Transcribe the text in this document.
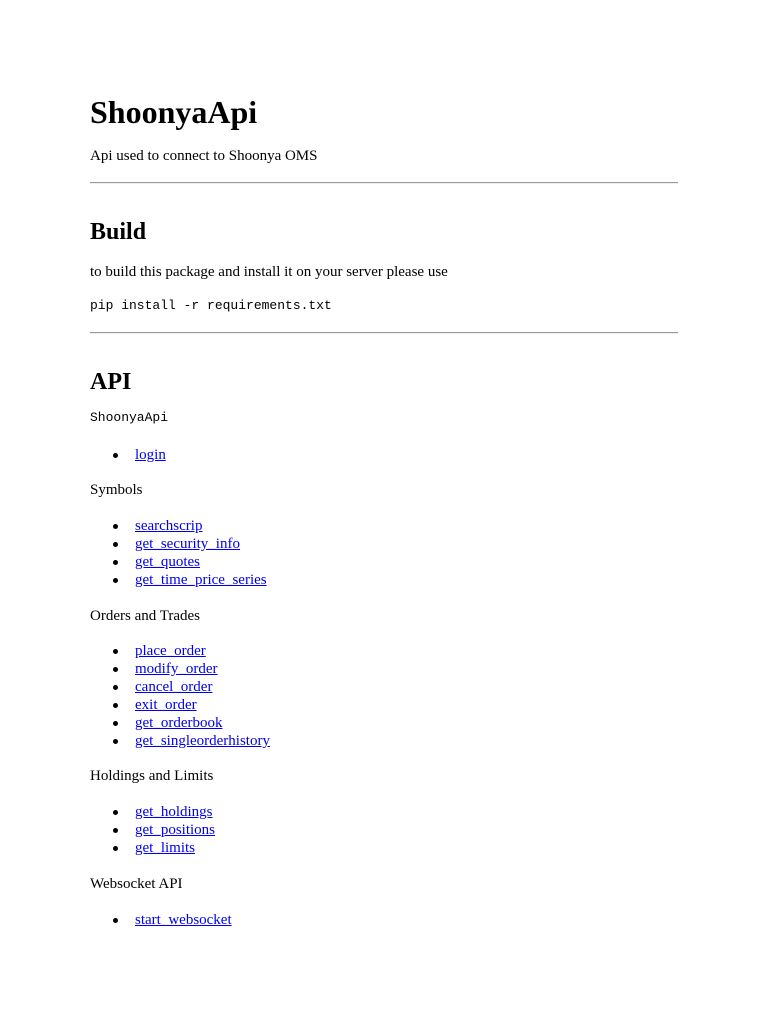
ShoonyaApi

Api used to connect to Shoonya OMS

Build

to build this package and install it on your server please use

pip install -r requirements.txt
API
ShoonyaApi
login

Symbols

searchscrip
get_security_info
get_quotes
get_time_price_series

Orders and Trades

place_order
modify_order
cancel_order
exit_order
get_orderbook
get_singleorderhistory

Holdings and Limits

get_holdings
get_positions
get_limits

Websocket API

start_websocket
